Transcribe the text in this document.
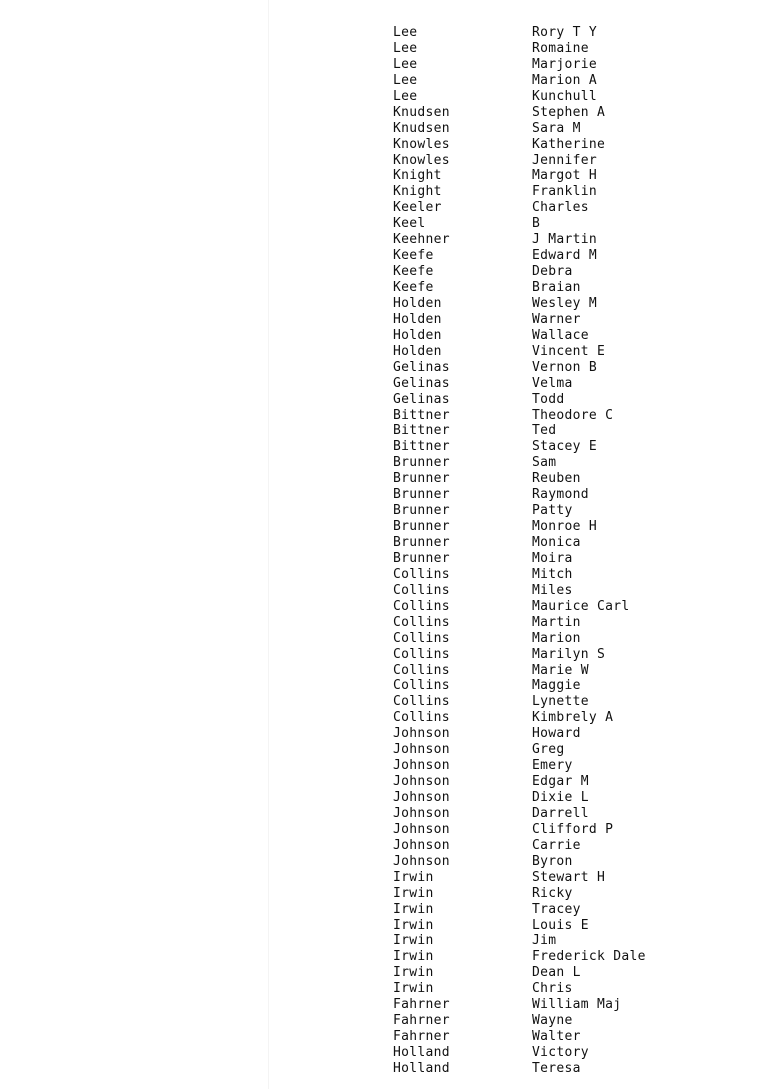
Lee	Rory T Y
Lee	Romaine
Lee	Marjorie
Lee	Marion A
Lee	Kunchull
Knudsen	Stephen A
Knudsen	Sara M
Knowles	Katherine
Knowles	Jennifer
Knight	Margot H
Knight	Franklin
Keeler	Charles
Keel	B
Keehner	J Martin
Keefe	Edward M
Keefe	Debra
Keefe	Braian
Holden	Wesley M
Holden	Warner
Holden	Wallace
Holden	Vincent E
Gelinas	Vernon B
Gelinas	Velma
Gelinas	Todd
Bittner	Theodore C
Bittner	Ted
Bittner	Stacey E
Brunner	Sam
Brunner	Reuben
Brunner	Raymond
Brunner	Patty
Brunner	Monroe H
Brunner	Monica
Brunner	Moira
Collins	Mitch
Collins	Miles
Collins	Maurice Carl
Collins	Martin
Collins	Marion
Collins	Marilyn S
Collins	Marie W
Collins	Maggie
Collins	Lynette
Collins	Kimbrely A
Johnson	Howard
Johnson	Greg
Johnson	Emery
Johnson	Edgar M
Johnson	Dixie L
Johnson	Darrell
Johnson	Clifford P
Johnson	Carrie
Johnson	Byron
Irwin	Stewart H
Irwin	Ricky
Irwin	Tracey
Irwin	Louis E
Irwin	Jim
Irwin	Frederick Dale
Irwin	Dean L
Irwin	Chris
Fahrner	William Maj
Fahrner	Wayne
Fahrner	Walter
Holland	Victory
Holland	Teresa
